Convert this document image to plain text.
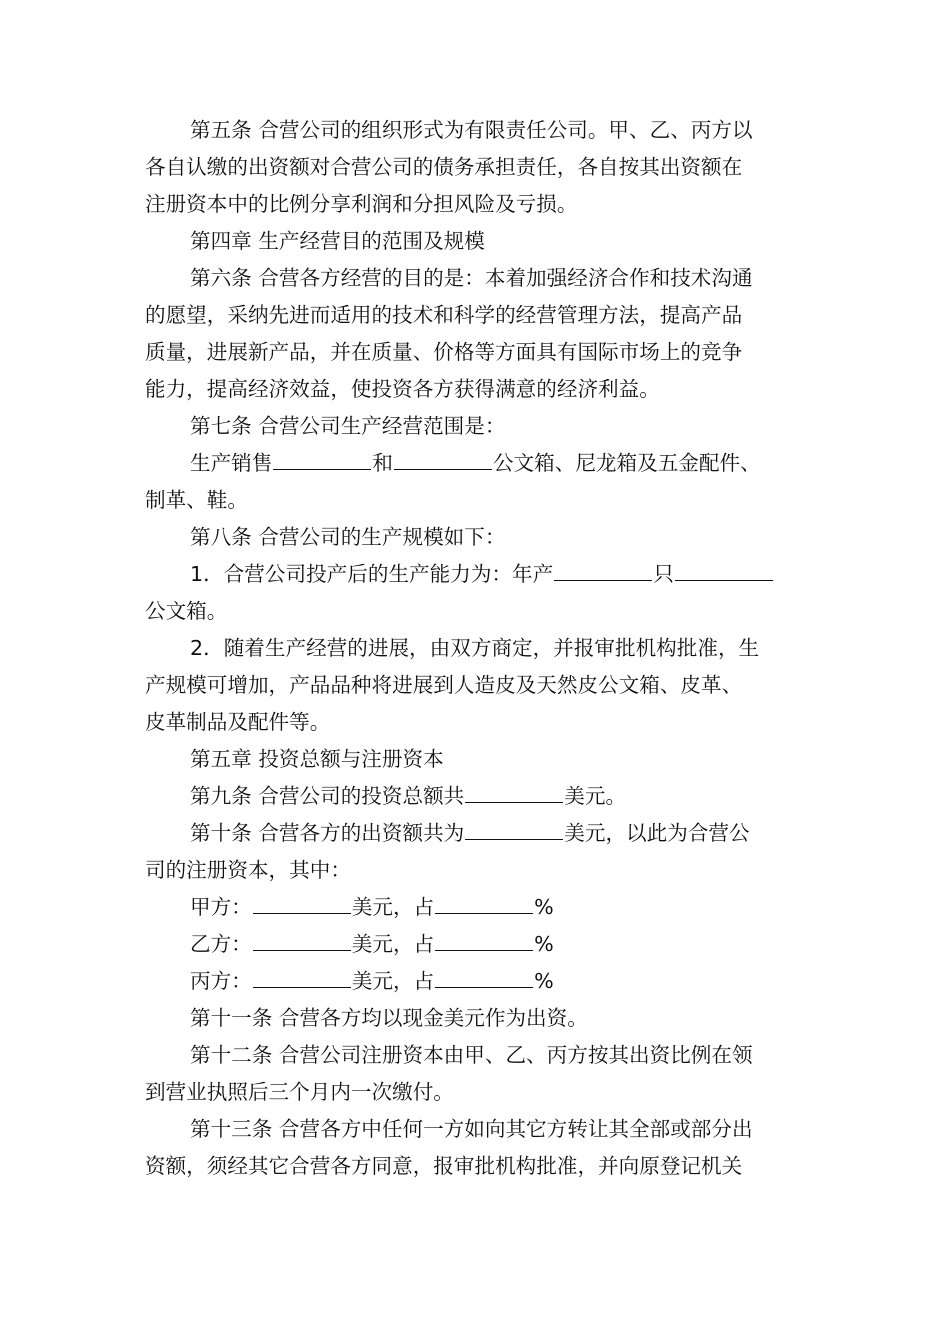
第五条 合营公司的组织形式为有限责任公司。甲、乙、丙方以
各自认缴的出资额对合营公司的债务承担责任，各自按其出资额在
注册资本中的比例分享利润和分担风险及亏损。

第四章 生产经营目的范围及规模

第六条 合营各方经营的目的是：本着加强经济合作和技术沟通
的愿望，采纳先进而适用的技术和科学的经营管理方法，提高产品
质量，进展新产品，并在质量、价格等方面具有国际市场上的竞争
能力，提高经济效益，使投资各方获得满意的经济利益。

第七条 合营公司生产经营范围是：

生产销售	和	公文箱、尼龙箱及五金配件、
制革、鞋。

第八条 合营公司的生产规模如下：

1．合营公司投产后的生产能力为：年产	只
公文箱。

2．随着生产经营的进展，由双方商定，并报审批机构批准，生
产规模可增加，产品品种将进展到人造皮及天然皮公文箱、皮革、
皮革制品及配件等。

第五章 投资总额与注册资本

第九条 合营公司的投资总额共	美元。

第十条 合营各方的出资额共为	美元，以此为合营公
司的注册资本，其中：

甲方：	美元，占	%

乙方：	美元，占	%

丙方：	美元，占	%

第十一条 合营各方均以现金美元作为出资。

第十二条 合营公司注册资本由甲、乙、丙方按其出资比例在领
到营业执照后三个月内一次缴付。

第十三条 合营各方中任何一方如向其它方转让其全部或部分出
资额，须经其它合营各方同意，报审批机构批准，并向原登记机关
